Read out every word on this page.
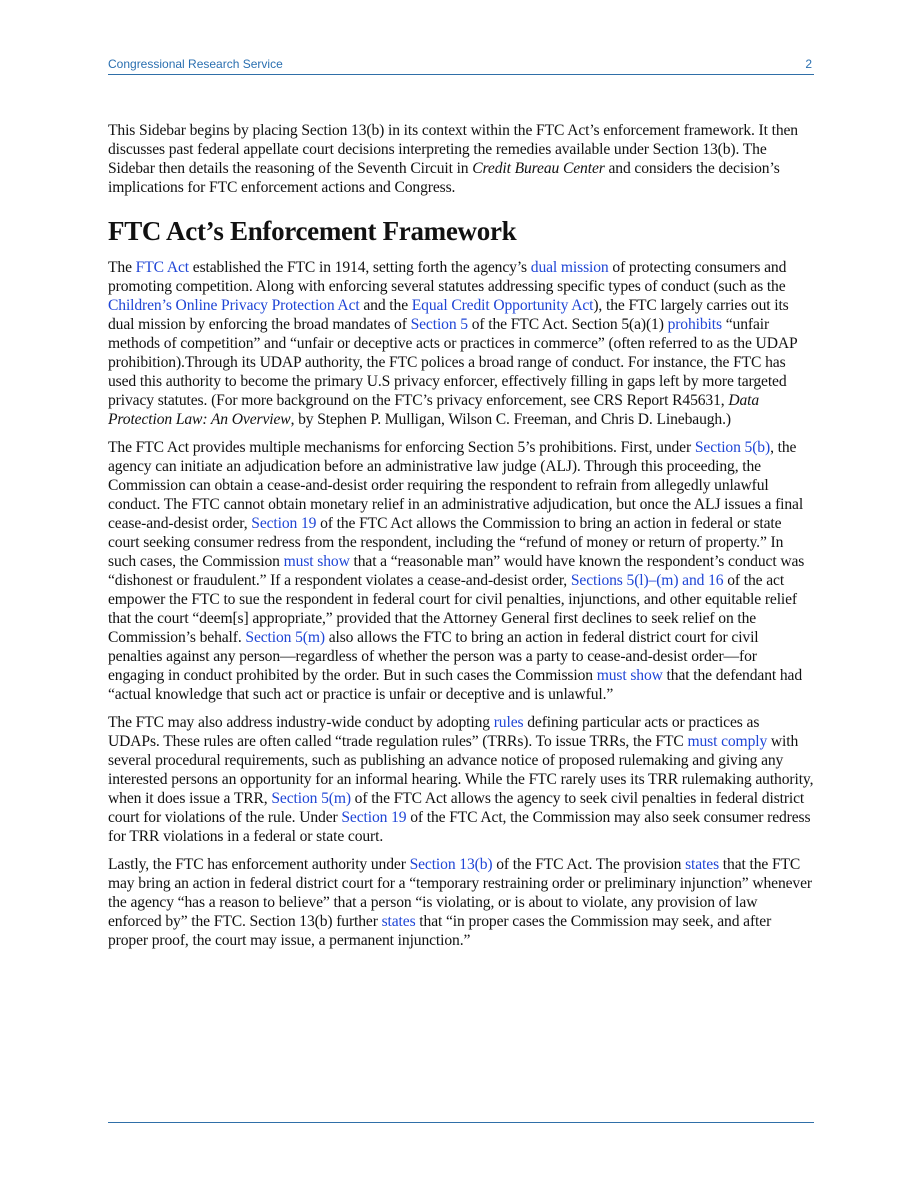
Congressional Research Service	2

This Sidebar begins by placing Section 13(b) in its context within the FTC Act’s enforcement framework. It then discusses past federal appellate court decisions interpreting the remedies available under Section 13(b). The Sidebar then details the reasoning of the Seventh Circuit in Credit Bureau Center and considers the decision’s implications for FTC enforcement actions and Congress.

FTC Act’s Enforcement Framework

The FTC Act established the FTC in 1914, setting forth the agency’s dual mission of protecting consumers and promoting competition. Along with enforcing several statutes addressing specific types of conduct (such as the Children’s Online Privacy Protection Act and the Equal Credit Opportunity Act), the FTC largely carries out its dual mission by enforcing the broad mandates of Section 5 of the FTC Act. Section 5(a)(1) prohibits “unfair methods of competition” and “unfair or deceptive acts or practices in commerce” (often referred to as the UDAP prohibition).Through its UDAP authority, the FTC polices a broad range of conduct. For instance, the FTC has used this authority to become the primary U.S privacy enforcer, effectively filling in gaps left by more targeted privacy statutes. (For more background on the FTC’s privacy enforcement, see CRS Report R45631, Data Protection Law: An Overview, by Stephen P. Mulligan, Wilson C. Freeman, and Chris D. Linebaugh.)

The FTC Act provides multiple mechanisms for enforcing Section 5’s prohibitions. First, under Section 5(b), the agency can initiate an adjudication before an administrative law judge (ALJ). Through this proceeding, the Commission can obtain a cease-and-desist order requiring the respondent to refrain from allegedly unlawful conduct. The FTC cannot obtain monetary relief in an administrative adjudication, but once the ALJ issues a final cease-and-desist order, Section 19 of the FTC Act allows the Commission to bring an action in federal or state court seeking consumer redress from the respondent, including the “refund of money or return of property.” In such cases, the Commission must show that a “reasonable man” would have known the respondent’s conduct was “dishonest or fraudulent.” If a respondent violates a cease-and-desist order, Sections 5(l)–(m) and 16 of the act empower the FTC to sue the respondent in federal court for civil penalties, injunctions, and other equitable relief that the court “deem[s] appropriate,” provided that the Attorney General first declines to seek relief on the Commission’s behalf. Section 5(m) also allows the FTC to bring an action in federal district court for civil penalties against any person—regardless of whether the person was a party to cease-and-desist order—for engaging in conduct prohibited by the order. But in such cases the Commission must show that the defendant had “actual knowledge that such act or practice is unfair or deceptive and is unlawful.”

The FTC may also address industry-wide conduct by adopting rules defining particular acts or practices as UDAPs. These rules are often called “trade regulation rules” (TRRs). To issue TRRs, the FTC must comply with several procedural requirements, such as publishing an advance notice of proposed rulemaking and giving any interested persons an opportunity for an informal hearing. While the FTC rarely uses its TRR rulemaking authority, when it does issue a TRR, Section 5(m) of the FTC Act allows the agency to seek civil penalties in federal district court for violations of the rule. Under Section 19 of the FTC Act, the Commission may also seek consumer redress for TRR violations in a federal or state court.

Lastly, the FTC has enforcement authority under Section 13(b) of the FTC Act. The provision states that the FTC may bring an action in federal district court for a “temporary restraining order or preliminary injunction” whenever the agency “has a reason to believe” that a person “is violating, or is about to violate, any provision of law enforced by” the FTC. Section 13(b) further states that “in proper cases the Commission may seek, and after proper proof, the court may issue, a permanent injunction.”
